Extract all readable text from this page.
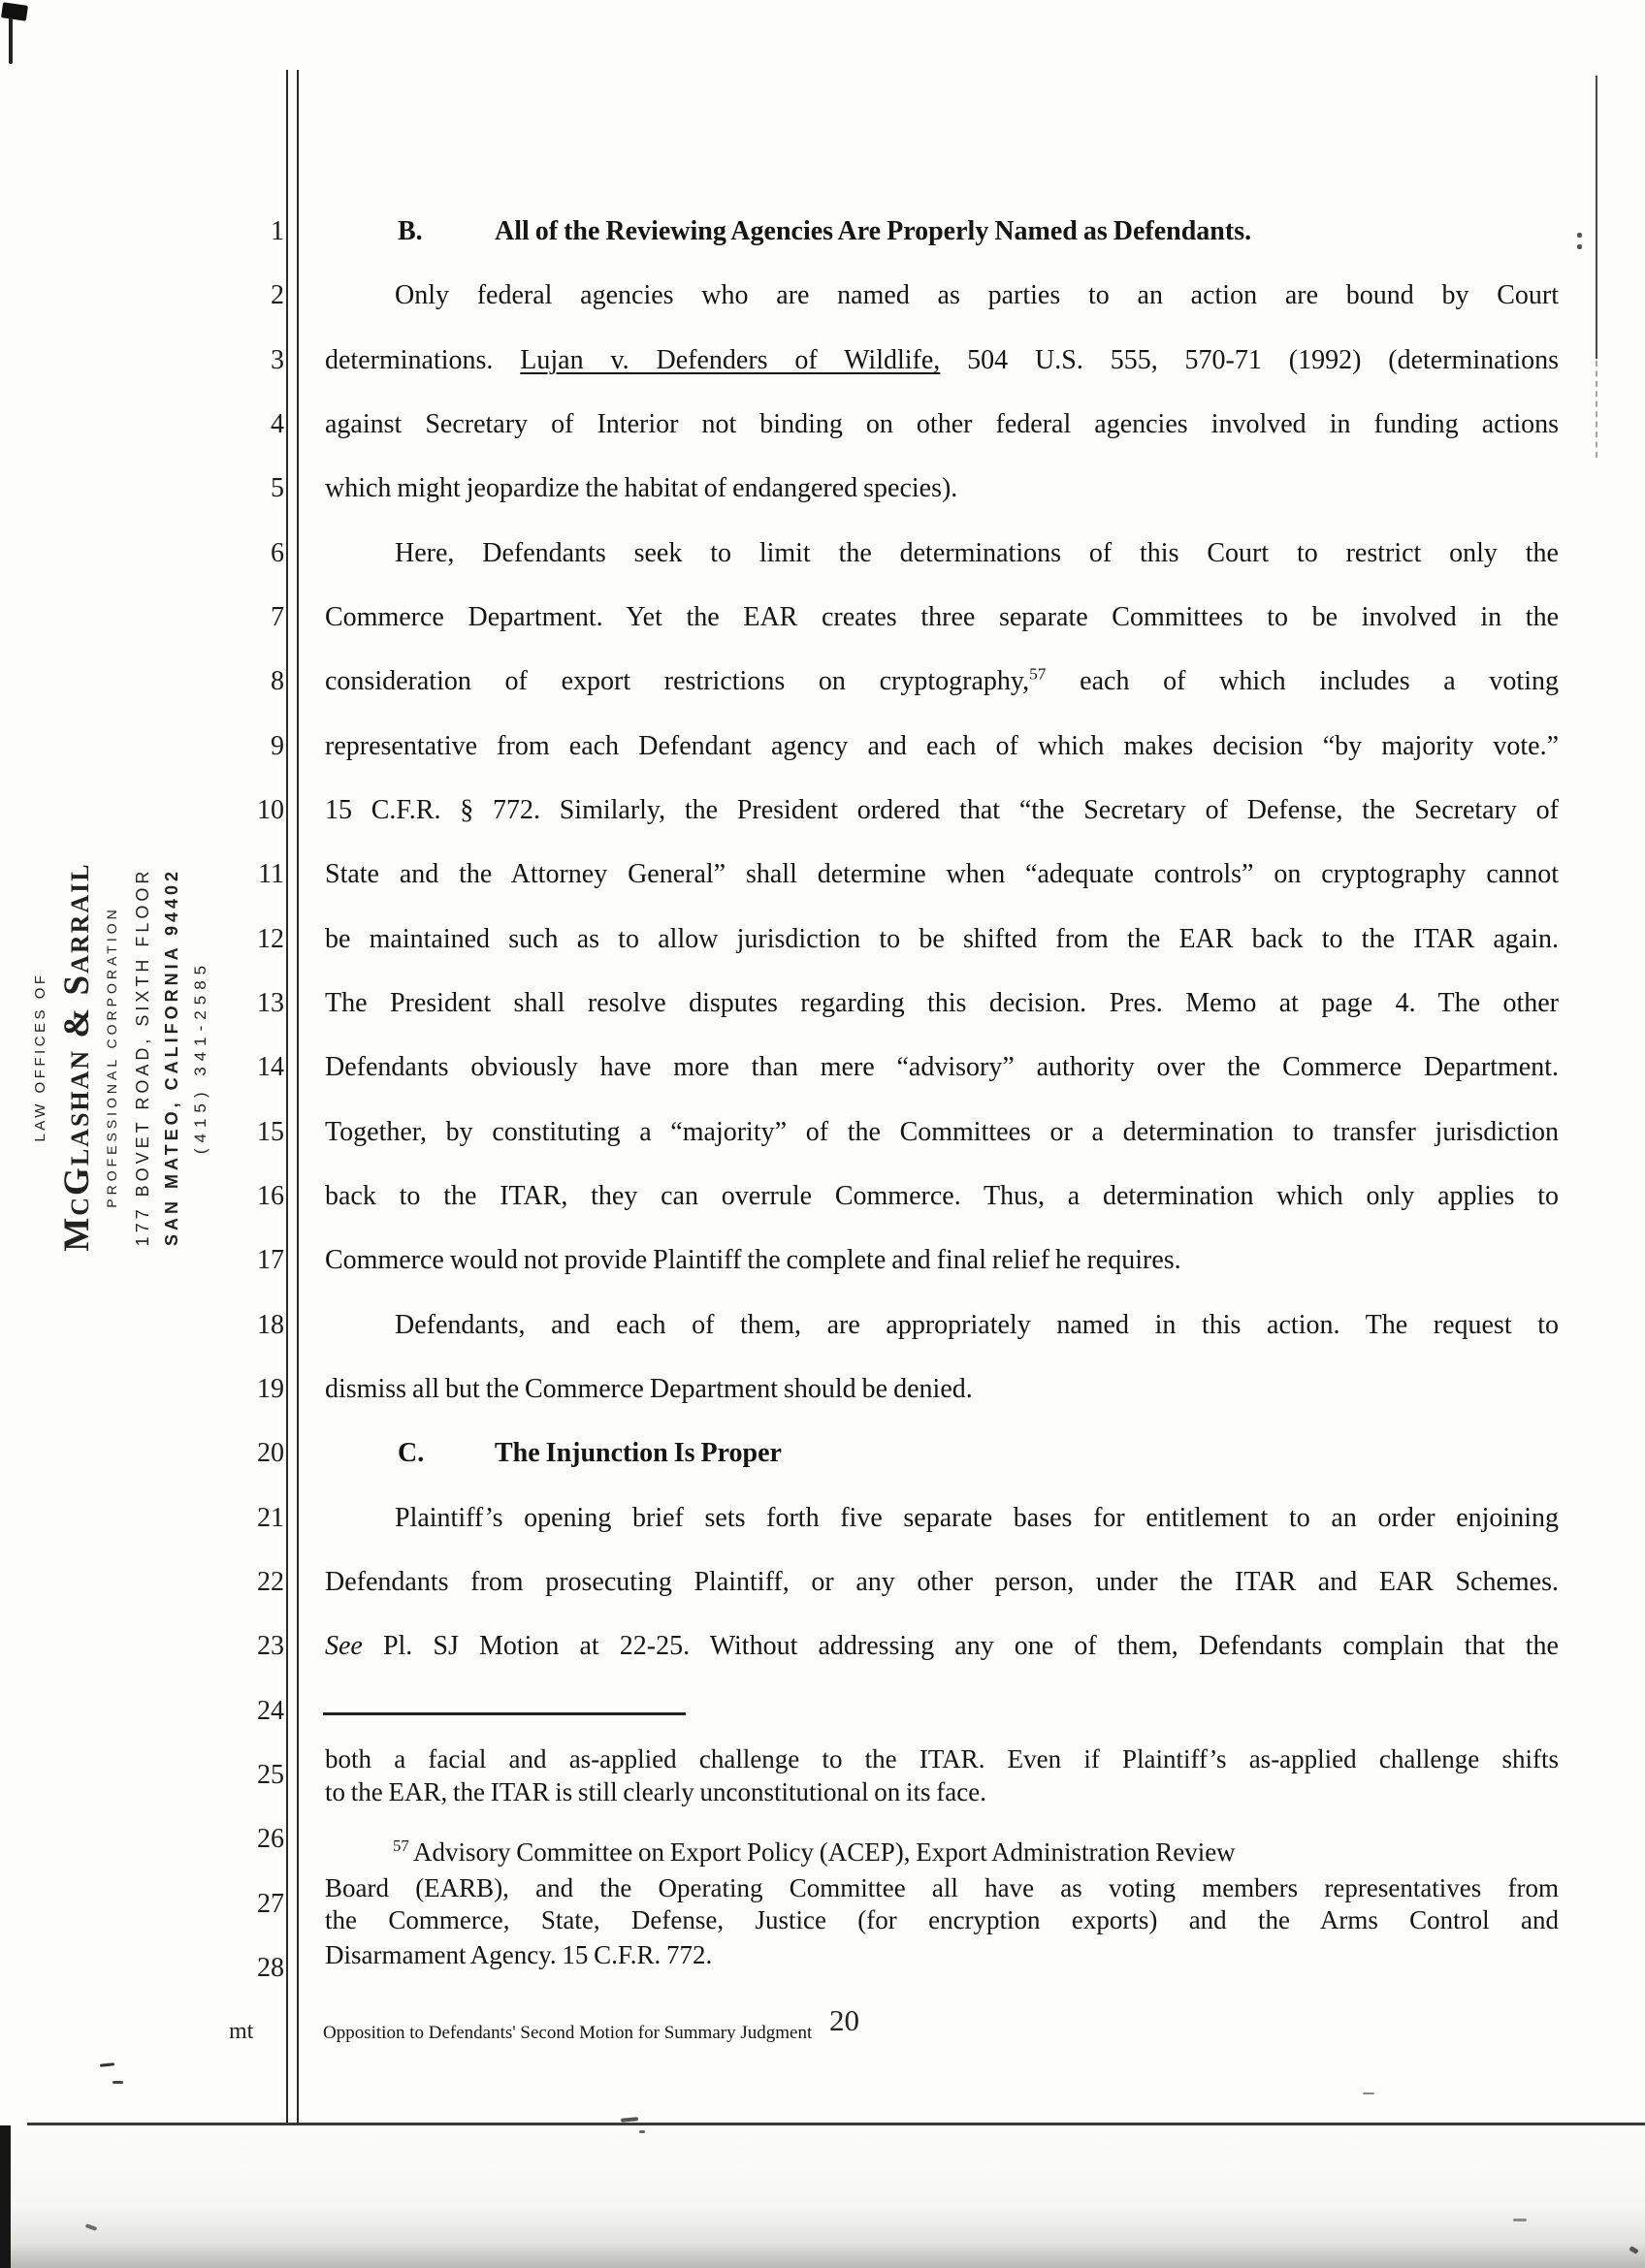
LAW OFFICES OF McGlashan & Sarrail PROFESSIONAL CORPORATION 177 BOVET ROAD, SIXTH FLOOR SAN MATEO, CALIFORNIA 94402 (415) 341-2585
1
2
3
4
5
6
7
8
9
10
11
12
13
14
15
16
17
18
19
20
21
22
23
24
25
26
27
28
B.	All of the Reviewing Agencies Are Properly Named as Defendants.
Only federal agencies who are named as parties to an action are bound by Court
determinations. Lujan v. Defenders of Wildlife, 504 U.S. 555, 570-71 (1992) (determinations
against Secretary of Interior not binding on other federal agencies involved in funding actions
which might jeopardize the habitat of endangered species).
Here, Defendants seek to limit the determinations of this Court to restrict only the
Commerce Department. Yet the EAR creates three separate Committees to be involved in the
consideration of export restrictions on cryptography,$^{57}$ each of which includes a voting
representative from each Defendant agency and each of which makes decision “by majority vote.”
15 C.F.R. § 772. Similarly, the President ordered that “the Secretary of Defense, the Secretary of
State and the Attorney General” shall determine when “adequate controls” on cryptography cannot
be maintained such as to allow jurisdiction to be shifted from the EAR back to the ITAR again.
The President shall resolve disputes regarding this decision. Pres. Memo at page 4. The other
Defendants obviously have more than mere “advisory” authority over the Commerce Department.
Together, by constituting a “majority” of the Committees or a determination to transfer jurisdiction
back to the ITAR, they can overrule Commerce. Thus, a determination which only applies to
Commerce would not provide Plaintiff the complete and final relief he requires.
Defendants, and each of them, are appropriately named in this action. The request to
dismiss all but the Commerce Department should be denied.
C.	The Injunction Is Proper
Plaintiff’s opening brief sets forth five separate bases for entitlement to an order enjoining
Defendants from prosecuting Plaintiff, or any other person, under the ITAR and EAR Schemes.
See Pl. SJ Motion at 22-25. Without addressing any one of them, Defendants complain that the
both a facial and as-applied challenge to the ITAR. Even if Plaintiff’s as-applied challenge shifts
to the EAR, the ITAR is still clearly unconstitutional on its face.
$^{57}$ Advisory Committee on Export Policy (ACEP), Export Administration Review
Board (EARB), and the Operating Committee all have as voting members representatives from
the Commerce, State, Defense, Justice (for encryption exports) and the Arms Control and
Disarmament Agency. 15 C.F.R. 772.
mt	Opposition to Defendants' Second Motion for Summary Judgment 20
